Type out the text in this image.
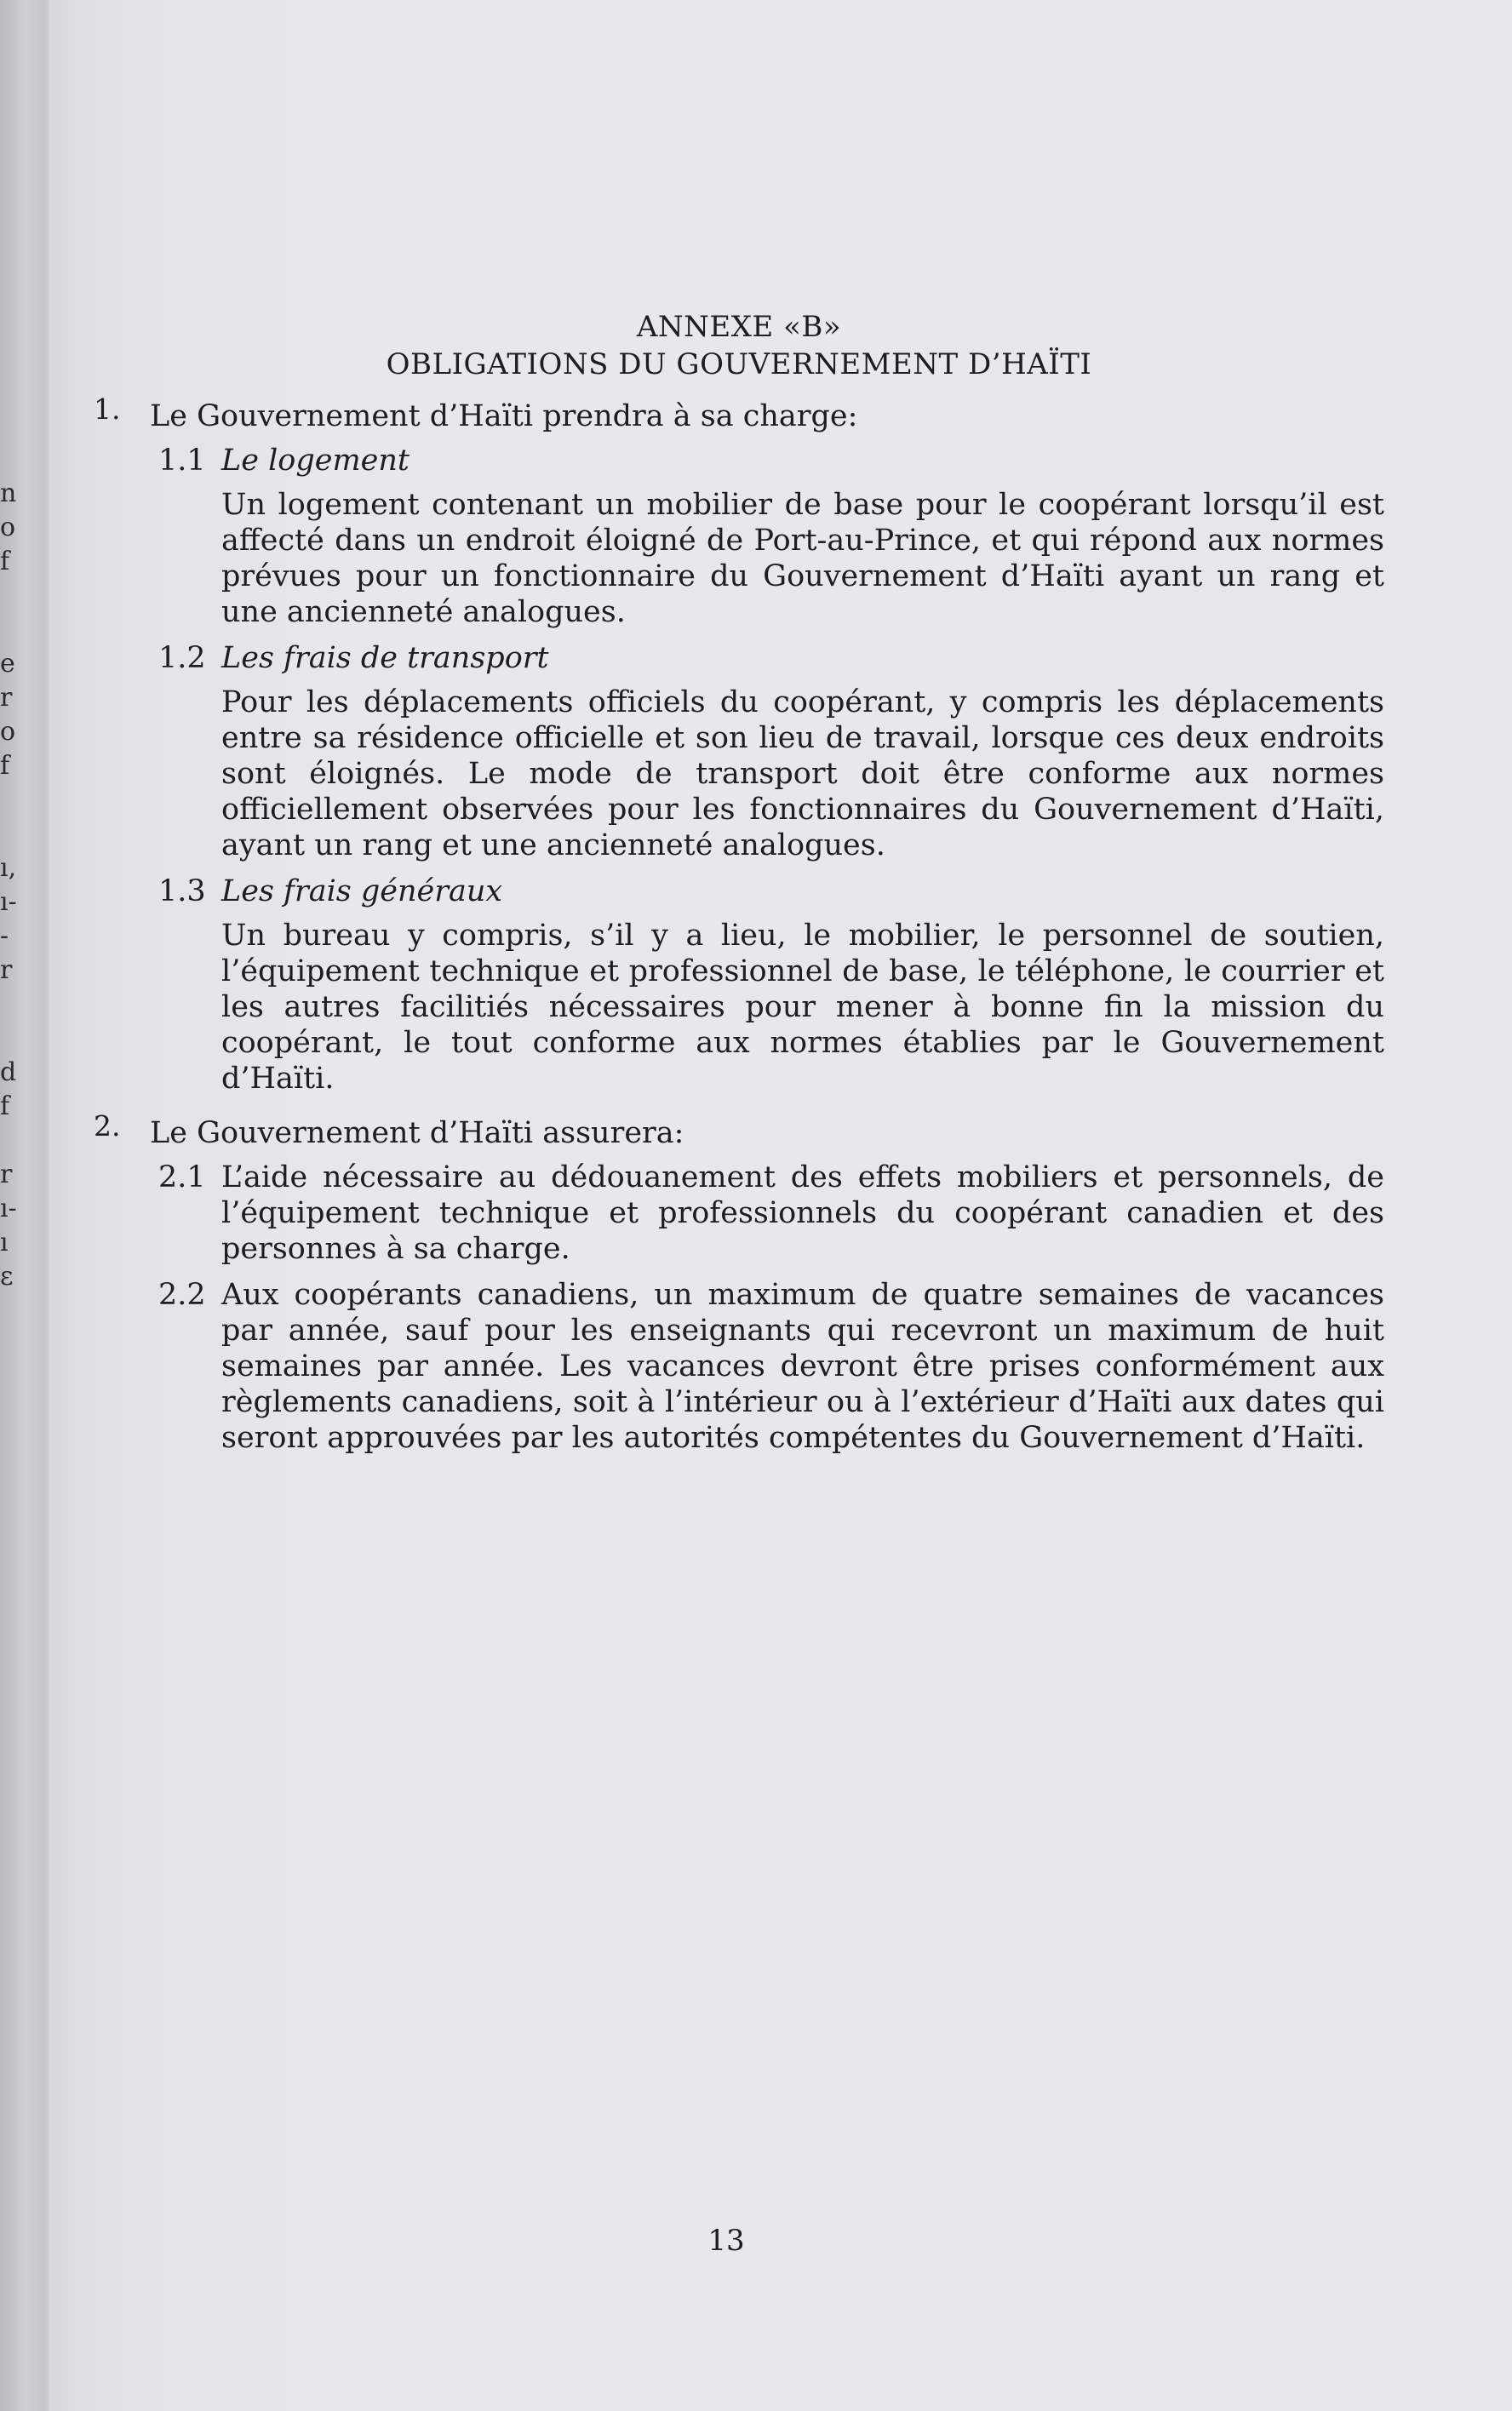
n
o
f
e
r
o
f
ı,
ı-
-
r
d
f
r
ı-
ı
ɛ
ANNEXE «B»
OBLIGATIONS DU GOUVERNEMENT D’HAÏTI
1. Le Gouvernement d’Haïti prendra à sa charge:
1.1 Le logement
Un logement contenant un mobilier de base pour le coopérant lorsqu’il est affecté dans un endroit éloigné de Port-au-Prince, et qui répond aux normes prévues pour un fonctionnaire du Gouvernement d’Haïti ayant un rang et une ancienneté analogues.
1.2 Les frais de transport
Pour les déplacements officiels du coopérant, y compris les déplacements entre sa résidence officielle et son lieu de travail, lorsque ces deux endroits sont éloignés. Le mode de transport doit être conforme aux normes officiellement observées pour les fonctionnaires du Gouvernement d’Haïti, ayant un rang et une ancienneté analogues.
1.3 Les frais généraux
Un bureau y compris, s’il y a lieu, le mobilier, le personnel de soutien, l’équipement technique et professionnel de base, le téléphone, le courrier et les autres facilitiés nécessaires pour mener à bonne fin la mission du coopérant, le tout conforme aux normes établies par le Gouvernement d’Haïti.
2. Le Gouvernement d’Haïti assurera:
2.1 L’aide nécessaire au dédouanement des effets mobiliers et personnels, de l’équipement technique et professionnels du coopérant canadien et des personnes à sa charge.
2.2 Aux coopérants canadiens, un maximum de quatre semaines de vacances par année, sauf pour les enseignants qui recevront un maximum de huit semaines par année. Les vacances devront être prises conformément aux règlements canadiens, soit à l’intérieur ou à l’extérieur d’Haïti aux dates qui seront approuvées par les autorités compétentes du Gouvernement d’Haïti.
13
